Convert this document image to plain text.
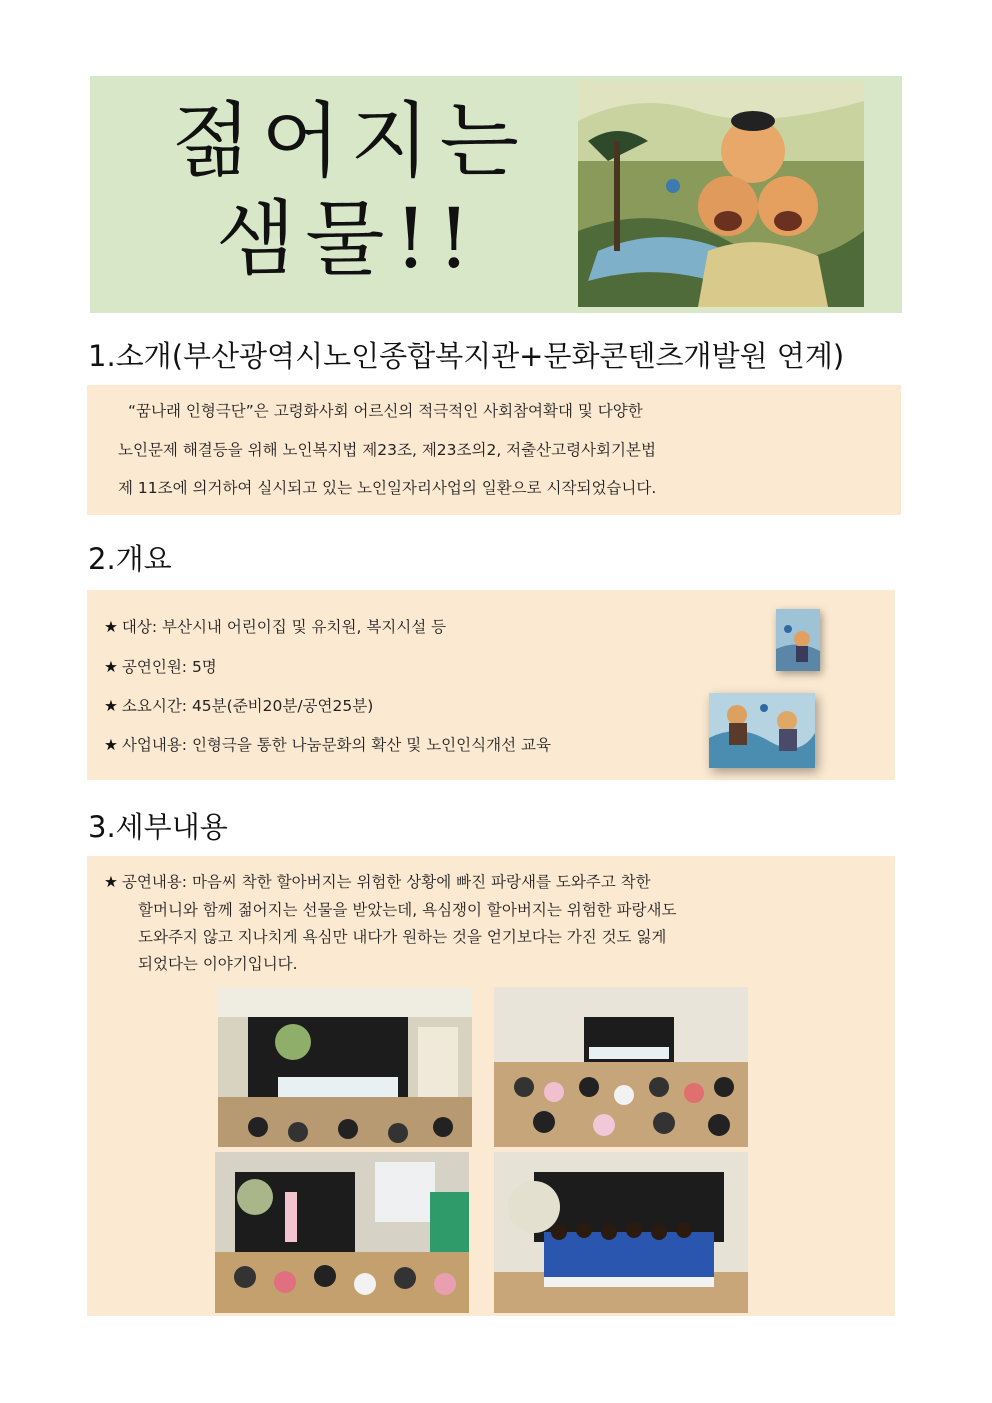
젊어지는
샘물!!
1.소개(부산광역시노인종합복지관+문화콘텐츠개발원 연계)
“꿈나래 인형극단”은 고령화사회 어르신의 적극적인 사회참여확대 및 다양한
노인문제 해결등을 위해 노인복지법 제23조, 제23조의2, 저출산고령사회기본법
제 11조에 의거하여 실시되고 있는 노인일자리사업의 일환으로 시작되었습니다.
2.개요
★ 대상: 부산시내 어린이집 및 유치원, 복지시설 등
★ 공연인원: 5명
★ 소요시간: 45분(준비20분/공연25분)
★ 사업내용: 인형극을 통한 나눔문화의 확산 및 노인인식개선 교육
3.세부내용
★ 공연내용: 마음씨 착한 할아버지는 위험한 상황에 빠진 파랑새를 도와주고 착한
할머니와 함께 젊어지는 선물을 받았는데, 욕심쟁이 할아버지는 위험한 파랑새도
도와주지 않고 지나치게 욕심만 내다가 원하는 것을 얻기보다는 가진 것도 잃게
되었다는 이야기입니다.
